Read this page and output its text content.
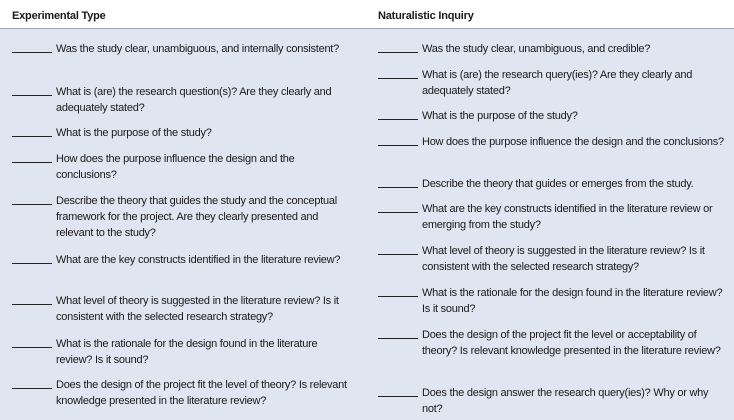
Experimental Type	Naturalistic Inquiry
Was the study clear, unambiguous, and internally consistent?
What is (are) the research question(s)? Are they clearly and adequately stated?
What is the purpose of the study?
How does the purpose influence the design and the conclusions?
Describe the theory that guides the study and the conceptual framework for the project. Are they clearly presented and relevant to the study?
What are the key constructs identified in the literature review?
What level of theory is suggested in the literature review? Is it consistent with the selected research strategy?
What is the rationale for the design found in the literature review? Is it sound?
Does the design of the project fit the level of theory? Is relevant knowledge presented in the literature review?
Was the study clear, unambiguous, and credible?
What is (are) the research query(ies)? Are they clearly and adequately stated?
What is the purpose of the study?
How does the purpose influence the design and the conclusions?
Describe the theory that guides or emerges from the study.
What are the key constructs identified in the literature review or emerging from the study?
What level of theory is suggested in the literature review? Is it consistent with the selected research strategy?
What is the rationale for the design found in the literature review? Is it sound?
Does the design of the project fit the level or acceptability of theory? Is relevant knowledge presented in the literature review?
Does the design answer the research query(ies)? Why or why not?
